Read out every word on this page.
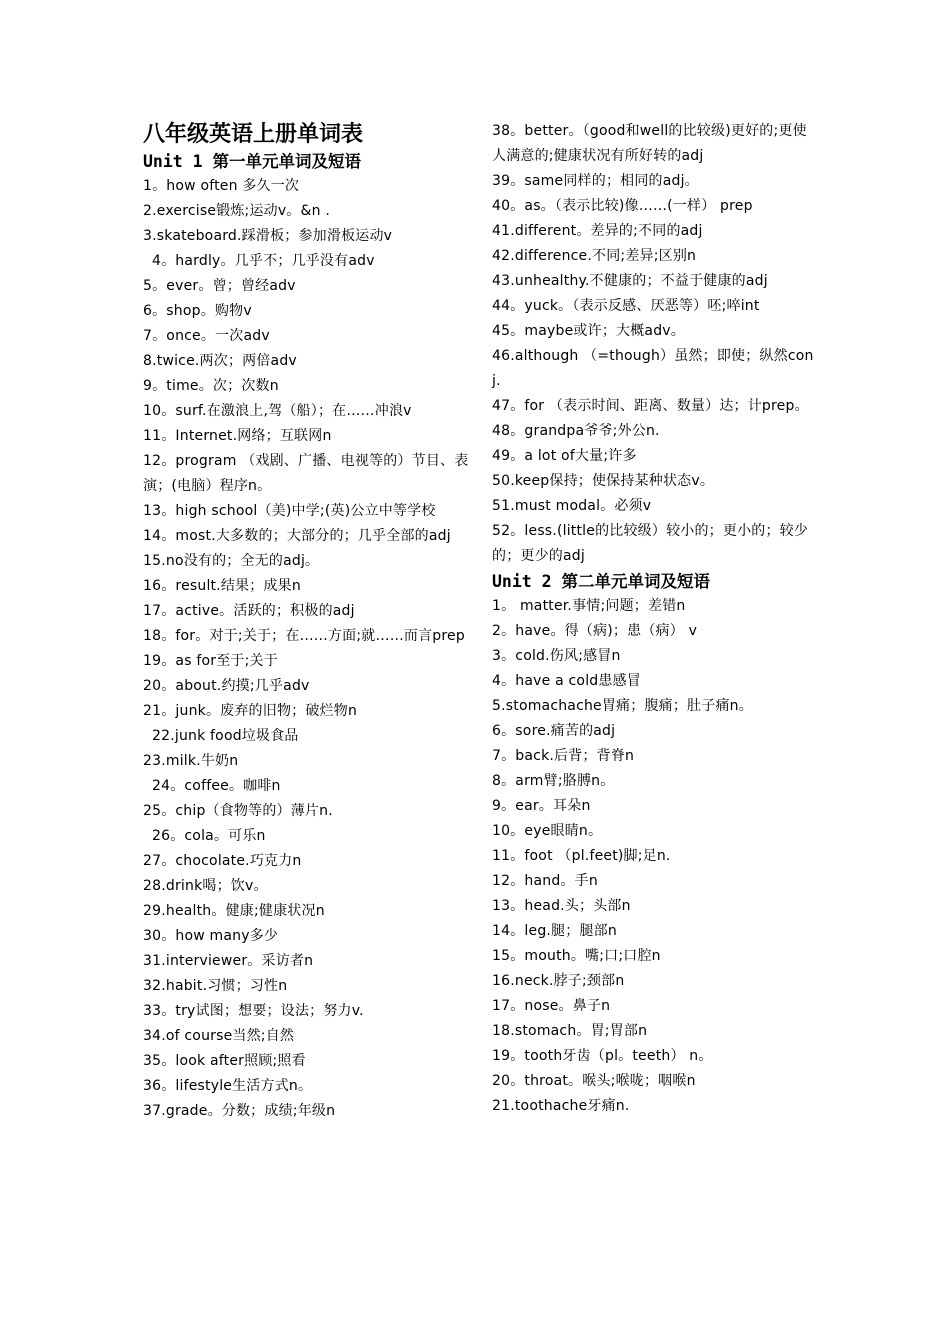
八年级英语上册单词表
Unit 1 第一单元单词及短语
1。how often 多久一次
2.exercise锻炼;运动v。&n .
3.skateboard.踩滑板；参加滑板运动v
4。hardly。几乎不；几乎没有adv
5。ever。曾；曾经adv
6。shop。购物v
7。once。一次adv
8.twice.两次；两倍adv
9。time。次；次数n
10。surf.在激浪上,驾（船）；在……冲浪v
11。Internet.网络；互联网n
12。program （戏剧、广播、电视等的）节目、表演；(电脑）程序n。
13。high school（美)中学;(英)公立中等学校
14。most.大多数的；大部分的；几乎全部的adj
15.no没有的；全无的adj。
16。result.结果；成果n
17。active。活跃的；积极的adj
18。for。对于;关于；在……方面;就……而言prep
19。as for至于;关于
20。about.约摸;几乎adv
21。junk。废弃的旧物；破烂物n
22.junk food垃圾食品
23.milk.牛奶n
24。coffee。咖啡n
25。chip（食物等的）薄片n.
26。cola。可乐n
27。chocolate.巧克力n
28.drink喝；饮v。
29.health。健康;健康状况n
30。how many多少
31.interviewer。采访者n
32.habit.习惯；习性n
33。try试图；想要；设法；努力v.
34.of course当然;自然
35。look after照顾;照看
36。lifestyle生活方式n。
37.grade。分数；成绩;年级n
38。better。（good和well的比较级)更好的;更使人满意的;健康状况有所好转的adj
39。same同样的；相同的adj。
40。as。（表示比较)像……(一样） prep
41.different。差异的;不同的adj
42.difference.不同;差异;区别n
43.unhealthy.不健康的；不益于健康的adj
44。yuck。（表示反感、厌恶等）呸;啐int
45。maybe或许；大概adv。
46.although （=though）虽然；即使；纵然conj.
47。for （表示时间、距离、数量）达；计prep。
48。grandpa爷爷;外公n.
49。a lot of大量;许多
50.keep保持；使保持某种状态v。
51.must modal。必须v
52。less.(little的比较级）较小的；更小的；较少的；更少的adj
Unit 2 第二单元单词及短语
1。 matter.事情;问题；差错n
2。have。得（病)；患（病） v
3。cold.伤风;感冒n
4。have a cold患感冒
5.stomachache胃痛；腹痛；肚子痛n。
6。sore.痛苦的adj
7。back.后背；背脊n
8。arm臂;胳膊n。
9。ear。耳朵n
10。eye眼睛n。
11。foot （pl.feet)脚;足n.
12。hand。手n
13。head.头；头部n
14。leg.腿；腿部n
15。mouth。嘴;口;口腔n
16.neck.脖子;颈部n
17。nose。鼻子n
18.stomach。胃;胃部n
19。tooth牙齿（pl。teeth） n。
20。throat。喉头;喉咙；咽喉n
21.toothache牙痛n.
